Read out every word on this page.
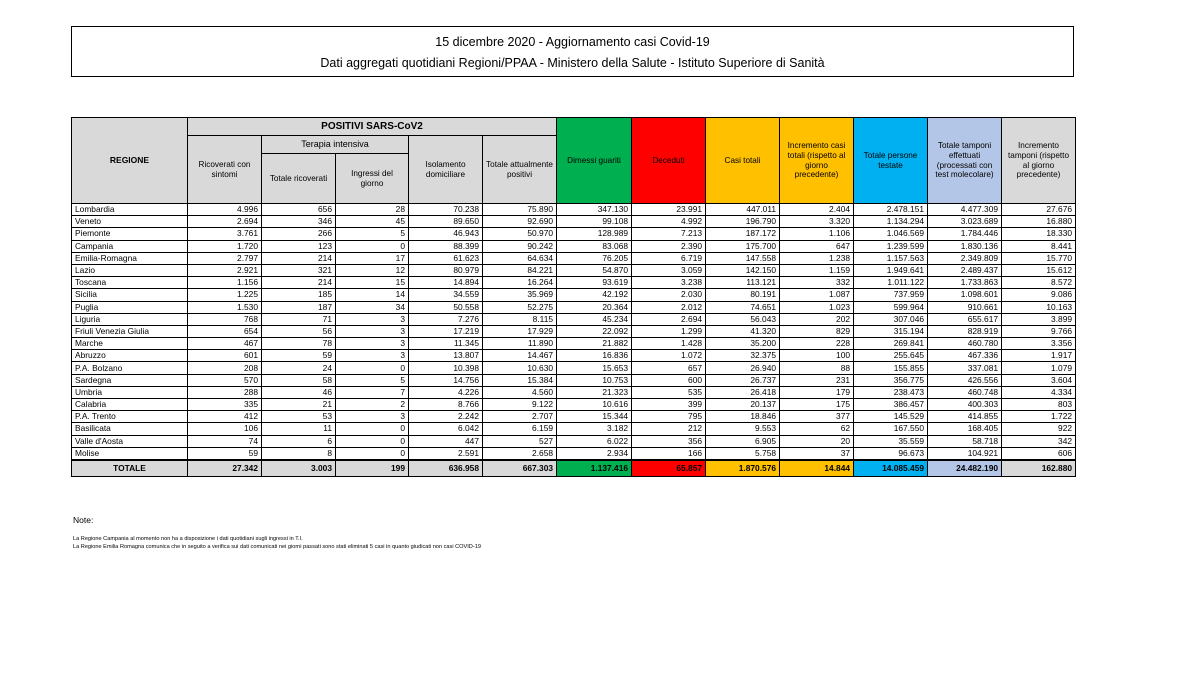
15 dicembre 2020 - Aggiornamento casi Covid-19
Dati aggregati quotidiani Regioni/PPAA - Ministero della Salute - Istituto Superiore di Sanità
REGIONE	POSITIVI SARS-CoV2					Dimessi guariti	Deceduti	Casi totali	Incremento casi totali (rispetto al giorno precedente)	Totale persone testate	Totale tamponi effettuati (processati con test molecolare)	Incremento tamponi (rispetto al giorno precedente)
	Ricoverati con sintomi	Terapia intensiva		Isolamento domiciliare	Totale attualmente positivi							
		Totale ricoverati	Ingressi del giorno									
Lombardia	4.996	656	28	70.238	75.890	347.130	23.991	447.011	2.404	2.478.151	4.477.309	27.676
Veneto	2.694	346	45	89.650	92.690	99.108	4.992	196.790	3.320	1.134.294	3.023.689	16.880
Piemonte	3.761	266	5	46.943	50.970	128.989	7.213	187.172	1.106	1.046.569	1.784.446	18.330
Campania	1.720	123	0	88.399	90.242	83.068	2.390	175.700	647	1.239.599	1.830.136	8.441
Emilia-Romagna	2.797	214	17	61.623	64.634	76.205	6.719	147.558	1.238	1.157.563	2.349.809	15.770
Lazio	2.921	321	12	80.979	84.221	54.870	3.059	142.150	1.159	1.949.641	2.489.437	15.612
Toscana	1.156	214	15	14.894	16.264	93.619	3.238	113.121	332	1.011.122	1.733.863	8.572
Sicilia	1.225	185	14	34.559	35.969	42.192	2.030	80.191	1.087	737.959	1.098.601	9.086
Puglia	1.530	187	34	50.558	52.275	20.364	2.012	74.651	1.023	599.964	910.661	10.163
Liguria	768	71	3	7.276	8.115	45.234	2.694	56.043	202	307.046	655.617	3.899
Friuli Venezia Giulia	654	56	3	17.219	17.929	22.092	1.299	41.320	829	315.194	828.919	9.766
Marche	467	78	3	11.345	11.890	21.882	1.428	35.200	228	269.841	460.780	3.356
Abruzzo	601	59	3	13.807	14.467	16.836	1.072	32.375	100	255.645	467.336	1.917
P.A. Bolzano	208	24	0	10.398	10.630	15.653	657	26.940	88	155.855	337.081	1.079
Sardegna	570	58	5	14.756	15.384	10.753	600	26.737	231	356.775	426.556	3.604
Umbria	288	46	7	4.226	4.560	21.323	535	26.418	179	238.473	460.748	4.334
Calabria	335	21	2	8.766	9.122	10.616	399	20.137	175	386.457	400.303	803
P.A. Trento	412	53	3	2.242	2.707	15.344	795	18.846	377	145.529	414.855	1.722
Basilicata	106	11	0	6.042	6.159	3.182	212	9.553	62	167.550	168.405	922
Valle d'Aosta	74	6	0	447	527	6.022	356	6.905	20	35.559	58.718	342
Molise	59	8	0	2.591	2.658	2.934	166	5.758	37	96.673	104.921	606
TOTALE	27.342	3.003	199	636.958	667.303	1.137.416	65.857	1.870.576	14.844	14.085.459	24.482.190	162.880
Note:
La Regione Campania al momento non ha a disposizione i dati quotidiani sugli ingressi in T.I.
La Regione Emilia Romagna comunica che in seguito a verifica sui dati comunicati nei giorni passati sono stati eliminati 5 casi in quanto giudicati non casi COVID-19
